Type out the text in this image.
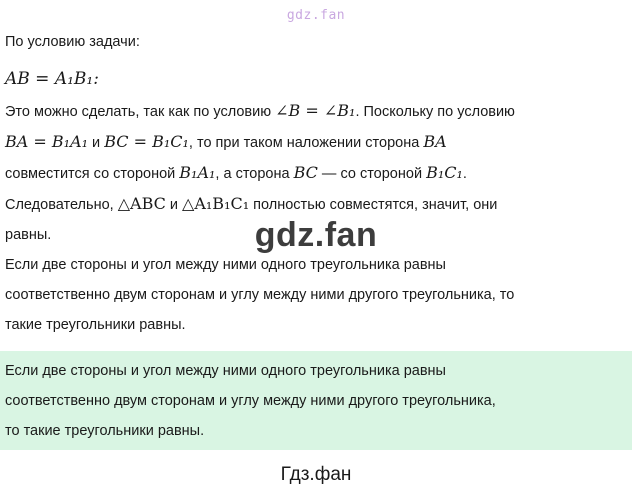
gdz.fan
По условию задачи:
AB = A₁B₁:
Это можно сделать, так как по условию ∠B = ∠B₁. Поскольку по условию
BA = B₁A₁ и BC = B₁C₁, то при таком наложении сторона BA
совместится со стороной B₁A₁, а сторона BC — со стороной B₁C₁.
Следовательно, △ABC и △A₁B₁C₁ полностью совместятся, значит, они
равны.
Если две стороны и угол между ними одного треугольника равны
соответственно двум сторонам и углу между ними другого треугольника, то
такие треугольники равны.
gdz.fan
Если две стороны и угол между ними одного треугольника равны
соответственно двум сторонам и углу между ними другого треугольника,
то такие треугольники равны.
Гдз.фан
